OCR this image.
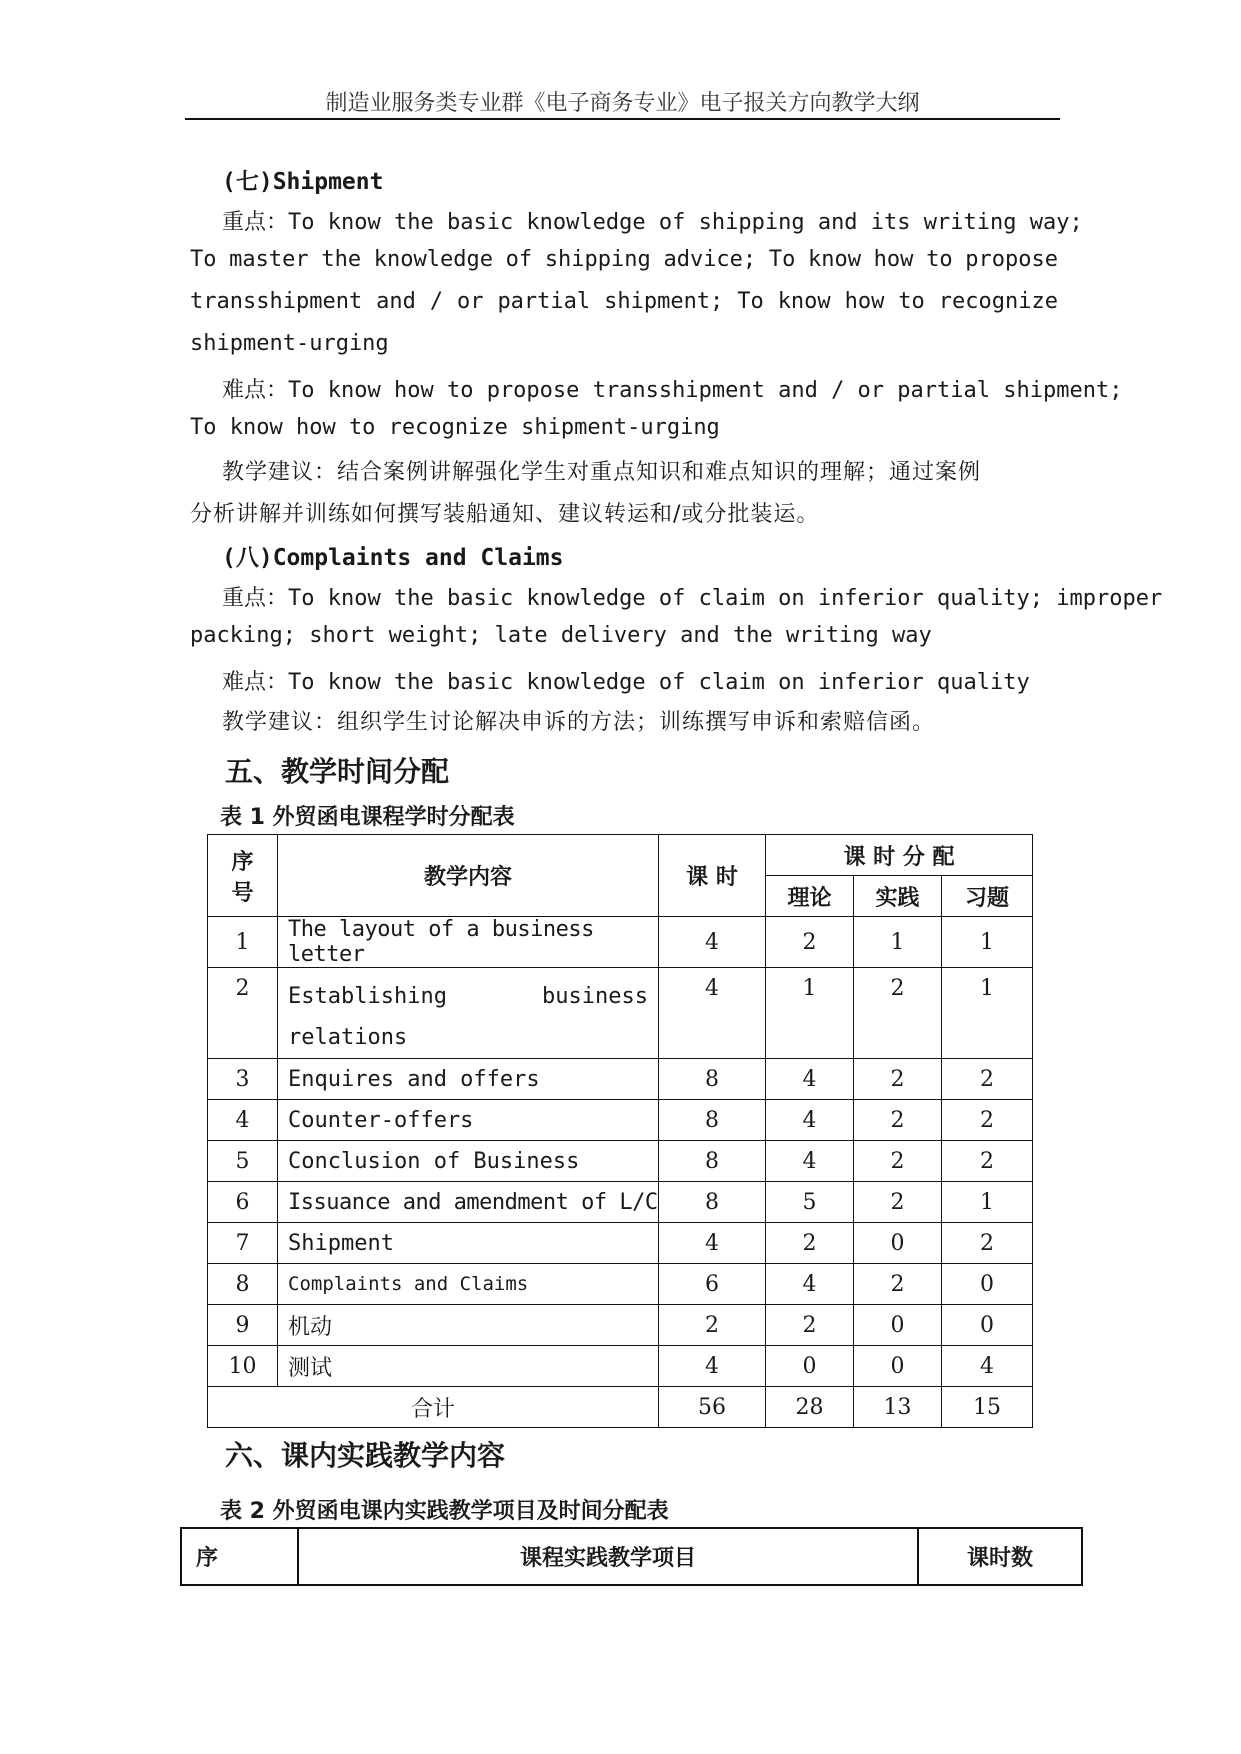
制造业服务类专业群《电子商务专业》电子报关方向教学大纲
(七)Shipment
重点：To know the basic knowledge of shipping and its writing way;
To master the knowledge of shipping advice; To know how to propose
transshipment and / or partial shipment; To know how to recognize
shipment-urging
难点：To know how to propose transshipment and / or partial shipment;
To know how to recognize shipment-urging
教学建议：结合案例讲解强化学生对重点知识和难点知识的理解；通过案例
分析讲解并训练如何撰写装船通知、建议转运和/或分批装运。
(八)Complaints and Claims
重点：To know the basic knowledge of claim on inferior quality; improper
packing; short weight; late delivery and the writing way
难点：To know the basic knowledge of claim on inferior quality
教学建议：组织学生讨论解决申诉的方法；训练撰写申诉和索赔信函。
五、教学时间分配
表 1 外贸函电课程学时分配表
序
号	教学内容	课 时	课 时 分 配		
			理论	实践	习题
1	The layout of a business letter	4	2	1	1
2	Establishing business
relations	4	1	2	1
3	Enquires and offers	8	4	2	2
4	Counter-offers	8	4	2	2
5	Conclusion of Business	8	4	2	2
6	Issuance and amendment of L/C	8	5	2	1
7	Shipment	4	2	0	2
8	Complaints and Claims	6	4	2	0
9	机动	2	2	0	0
10	测试	4	0	0	4
合计		56	28	13	15
六、课内实践教学内容
表 2 外贸函电课内实践教学项目及时间分配表
序	课程实践教学项目	课时数
